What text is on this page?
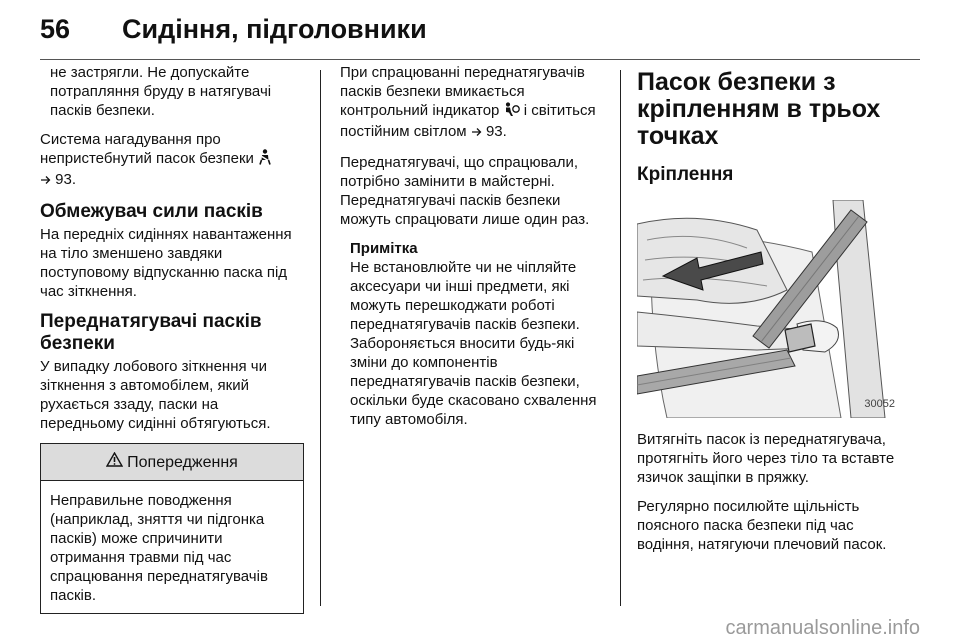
56 Сидіння, підголовники

не застрягли. Не допускайте потрапляння бруду в натягувачі пасків безпеки.

Система нагадування про непристебнутий пасок безпеки
93.

Обмежувач сили пасків

На передніх сидіннях навантаження на тіло зменшено завдяки поступовому відпусканню паска під час зіткнення.

Переднатягувачі пасків безпеки

У випадку лобового зіткнення чи зіткнення з автомобілем, який рухається ззаду, паски на передньому сидінні обтягуються.

Попередження
Неправильне поводження (наприклад, зняття чи підгонка пасків) може спричинити отримання травми під час спрацювання переднатягувачів пасків.

При спрацюванні переднатягувачів пасків безпеки вмикається контрольний індикатор і світиться постійним світлом 93.

Переднатягувачі, що спрацювали, потрібно замінити в майстерні. Переднатягувачі пасків безпеки можуть спрацювати лише один раз.

Примітка
Не встановлюйте чи не чіпляйте аксесуари чи інші предмети, які можуть перешкоджати роботі переднатягувачів пасків безпеки. Забороняється вносити будь-які зміни до компонентів переднатягувачів пасків безпеки, оскільки буде скасовано схвалення типу автомобіля.
Пасок безпеки з кріпленням в трьох точках
Кріплення
30052

Витягніть пасок із переднатягувача, протягніть його через тіло та вставте язичок защіпки в пряжку.

Регулярно посилюйте щільність поясного паска безпеки під час водіння, натягуючи плечовий пасок.

carmanualsonline.info
